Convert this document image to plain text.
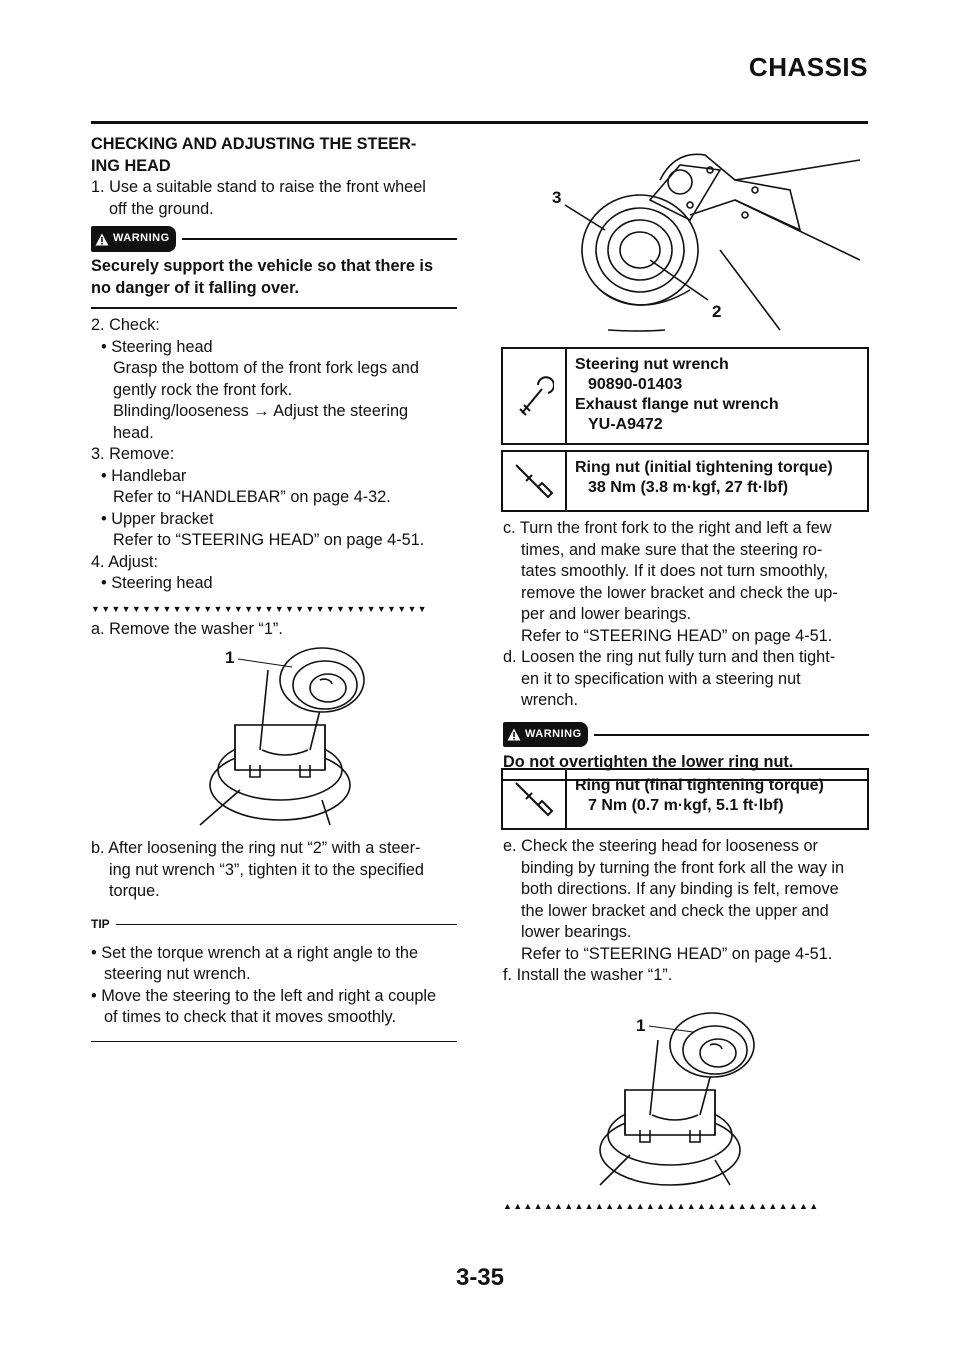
CHASSIS

CHECKING AND ADJUSTING THE STEER-

ING HEAD

1. Use a suitable stand to raise the front wheel

off the ground.

WARNING

Securely support the vehicle so that there is

no danger of it falling over.

2. Check:

• Steering head

Grasp the bottom of the front fork legs and

gently rock the front fork.

Blinding/looseness → Adjust the steering

head.

3. Remove:

• Handlebar

Refer to “HANDLEBAR” on page 4-32.

• Upper bracket

Refer to “STEERING HEAD” on page 4-51.

4. Adjust:

• Steering head

▼▼▼▼▼▼▼▼▼▼▼▼▼▼▼▼▼▼▼▼▼▼▼▼▼▼▼▼▼▼▼▼▼

a. Remove the washer “1”.

1

b. After loosening the ring nut “2” with a steer-

ing nut wrench “3”, tighten it to the specified

torque.

TIP

• Set the torque wrench at a right angle to the

steering nut wrench.

• Move the steering to the left and right a couple

of times to check that it moves smoothly.

3
2
Steering nut wrench
90890-01403
Exhaust flange nut wrench
YU-A9472
Ring nut (initial tightening torque)
38 Nm (3.8 m·kgf, 27 ft·lbf)

c. Turn the front fork to the right and left a few

times, and make sure that the steering ro-

tates smoothly. If it does not turn smoothly,

remove the lower bracket and check the up-

per and lower bearings.

Refer to “STEERING HEAD” on page 4-51.

d. Loosen the ring nut fully turn and then tight-

en it to specification with a steering nut

wrench.

WARNING

Do not overtighten the lower ring nut.

Ring nut (final tightening torque)
7 Nm (0.7 m·kgf, 5.1 ft·lbf)

e. Check the steering head for looseness or

binding by turning the front fork all the way in

both directions. If any binding is felt, remove

the lower bracket and check the upper and

lower bearings.

Refer to “STEERING HEAD” on page 4-51.

f. Install the washer “1”.

1
▲▲▲▲▲▲▲▲▲▲▲▲▲▲▲▲▲▲▲▲▲▲▲▲▲▲▲▲▲▲▲
3-35
